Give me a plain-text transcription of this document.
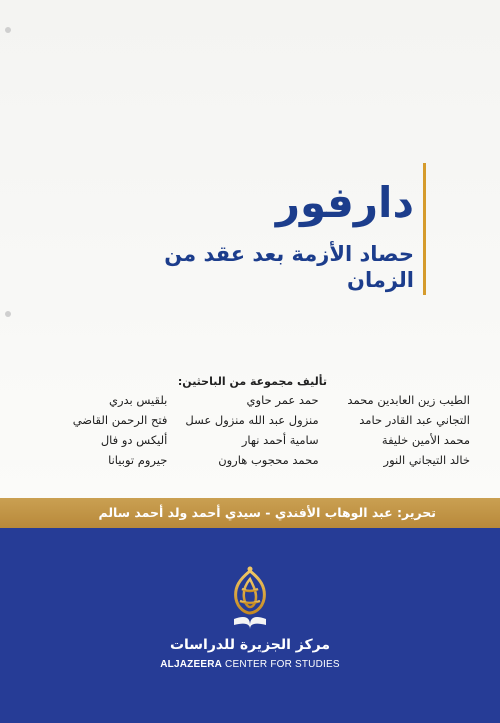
دارفور
حصاد الأزمة بعد عقد من الزمان
تأليف مجموعة من الباحثين:
الطيب زين العابدين محمد
التجاني عبد القادر حامد
محمد الأمين خليفة
خالد التيجاني النور
حمد عمر حاوي
منزول عبد الله منزول عسل
سامية أحمد نهار
محمد محجوب هارون
بلقيس بدري
فتح الرحمن القاضي
أليكس دو فال
جيروم توبيانا
تحرير: عبد الوهاب الأفندي - سيدي أحمد ولد أحمد سالم
مركز الجزيرة للدراسات
ALJAZEERA CENTER FOR STUDIES
